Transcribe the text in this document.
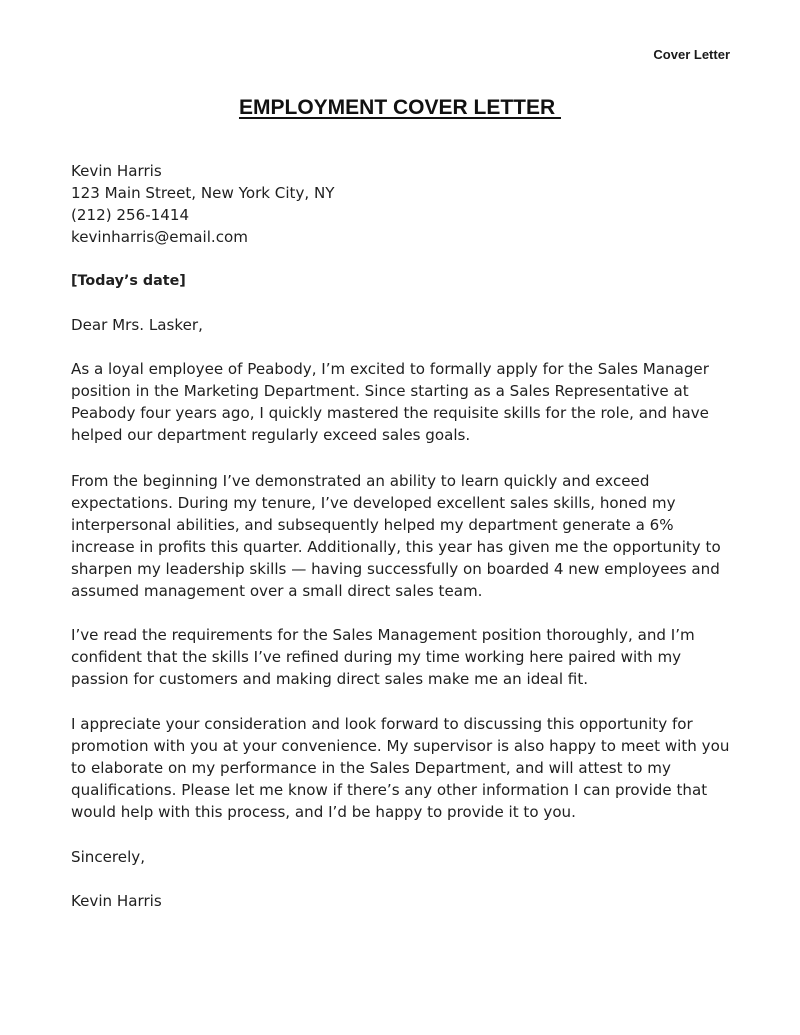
Cover Letter
EMPLOYMENT COVER LETTER
Kevin Harris
123 Main Street, New York City, NY
(212) 256-1414
kevinharris@email.com
[Today’s date]
Dear Mrs. Lasker,

As a loyal employee of Peabody, I’m excited to formally apply for the Sales Manager position in the Marketing Department. Since starting as a Sales Representative at Peabody four years ago, I quickly mastered the requisite skills for the role, and have helped our department regularly exceed sales goals.

From the beginning I’ve demonstrated an ability to learn quickly and exceed expectations. During my tenure, I’ve developed excellent sales skills, honed my interpersonal abilities, and subsequently helped my department generate a 6% increase in profits this quarter. Additionally, this year has given me the opportunity to sharpen my leadership skills — having successfully on boarded 4 new employees and assumed management over a small direct sales team.

I’ve read the requirements for the Sales Management position thoroughly, and I’m confident that the skills I’ve refined during my time working here paired with my passion for customers and making direct sales make me an ideal fit.

I appreciate your consideration and look forward to discussing this opportunity for promotion with you at your convenience. My supervisor is also happy to meet with you to elaborate on my performance in the Sales Department, and will attest to my qualifications. Please let me know if there’s any other information I can provide that would help with this process, and I’d be happy to provide it to you.

Sincerely,
Kevin Harris
